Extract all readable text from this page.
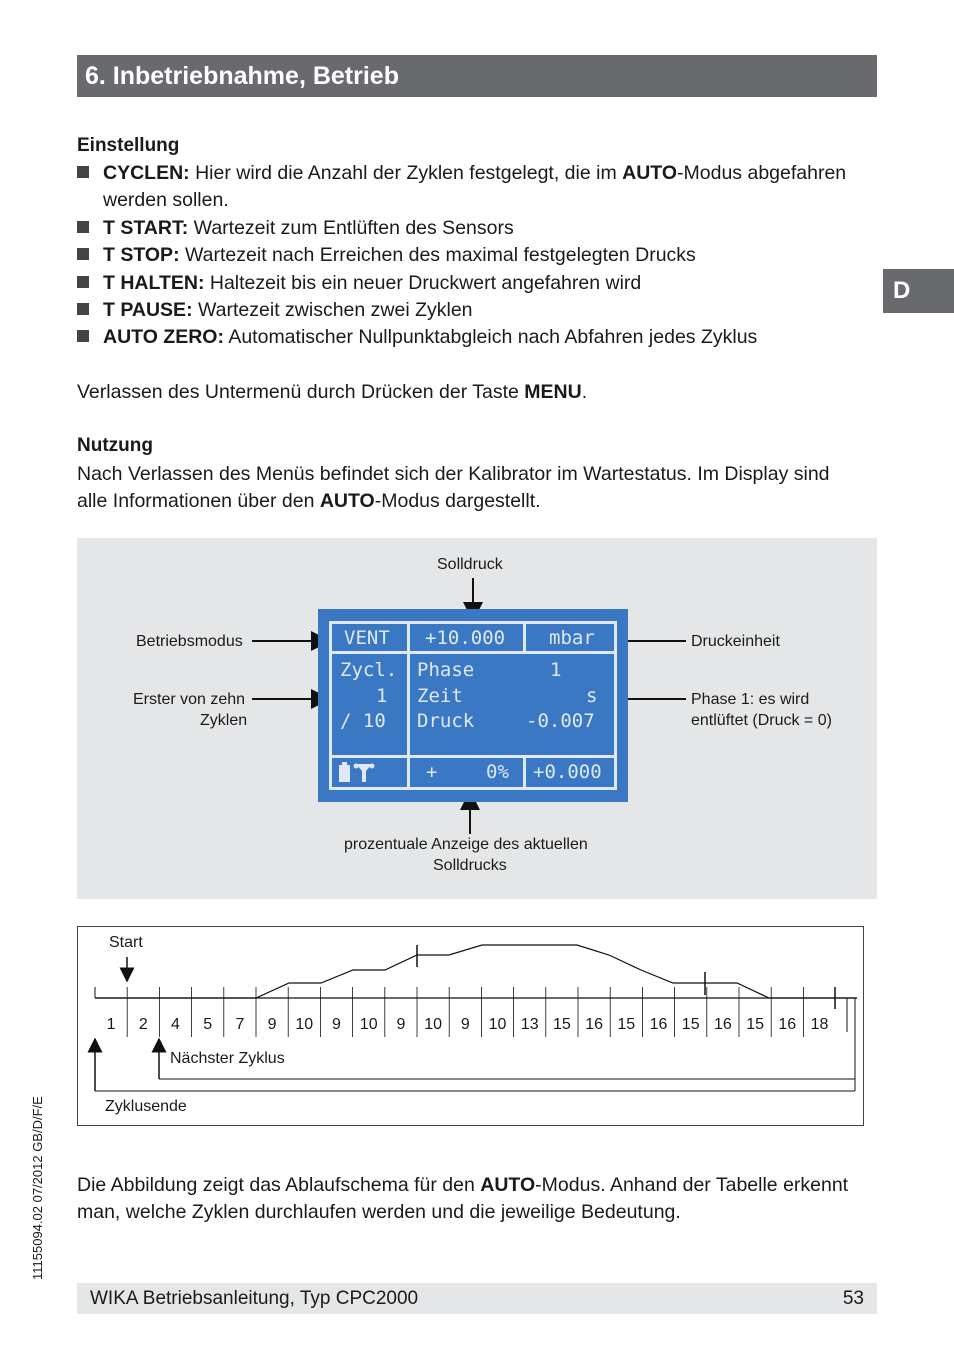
6. Inbetriebnahme, Betrieb
D
Einstellung
CYCLEN: Hier wird die Anzahl der Zyklen festgelegt, die im AUTO-Modus abgefahren
werden sollen.
T START: Wartezeit zum Entlüften des Sensors
T STOP: Wartezeit nach Erreichen des maximal festgelegten Drucks
T HALTEN: Haltezeit bis ein neuer Druckwert angefahren wird
T PAUSE: Wartezeit zwischen zwei Zyklen
AUTO ZERO: Automatischer Nullpunktabgleich nach Abfahren jedes Zyklus
Verlassen des Untermenü durch Drücken der Taste MENU.
Nutzung
Nach Verlassen des Menüs befindet sich der Kalibrator im Wartestatus. Im Display sind
alle Informationen über den AUTO-Modus dargestellt.
Solldruck
Betriebsmodus
Erster von zehn
Zyklen
Druckeinheit
Phase 1: es wird
entlüftet (Druck = 0)
prozentuale Anzeige des aktuellen
Solldrucks
VENT +10.000 mbar
Zycl.
1
/ 10
Phase	1
Zeit	s
Druck	-0.007
+	0% +0.000
Start
Nächster Zyklus
Zyklusende
1 2 4 5 7 9 10 9 10 9 10 9 10 13 15 16 15 16 15 16 15 16 18
Die Abbildung zeigt das Ablaufschema für den AUTO-Modus. Anhand der Tabelle erkennt
man, welche Zyklen durchlaufen werden und die jeweilige Bedeutung.
WIKA Betriebsanleitung, Typ CPC2000	53
11155094.02 07/2012 GB/D/F/E
